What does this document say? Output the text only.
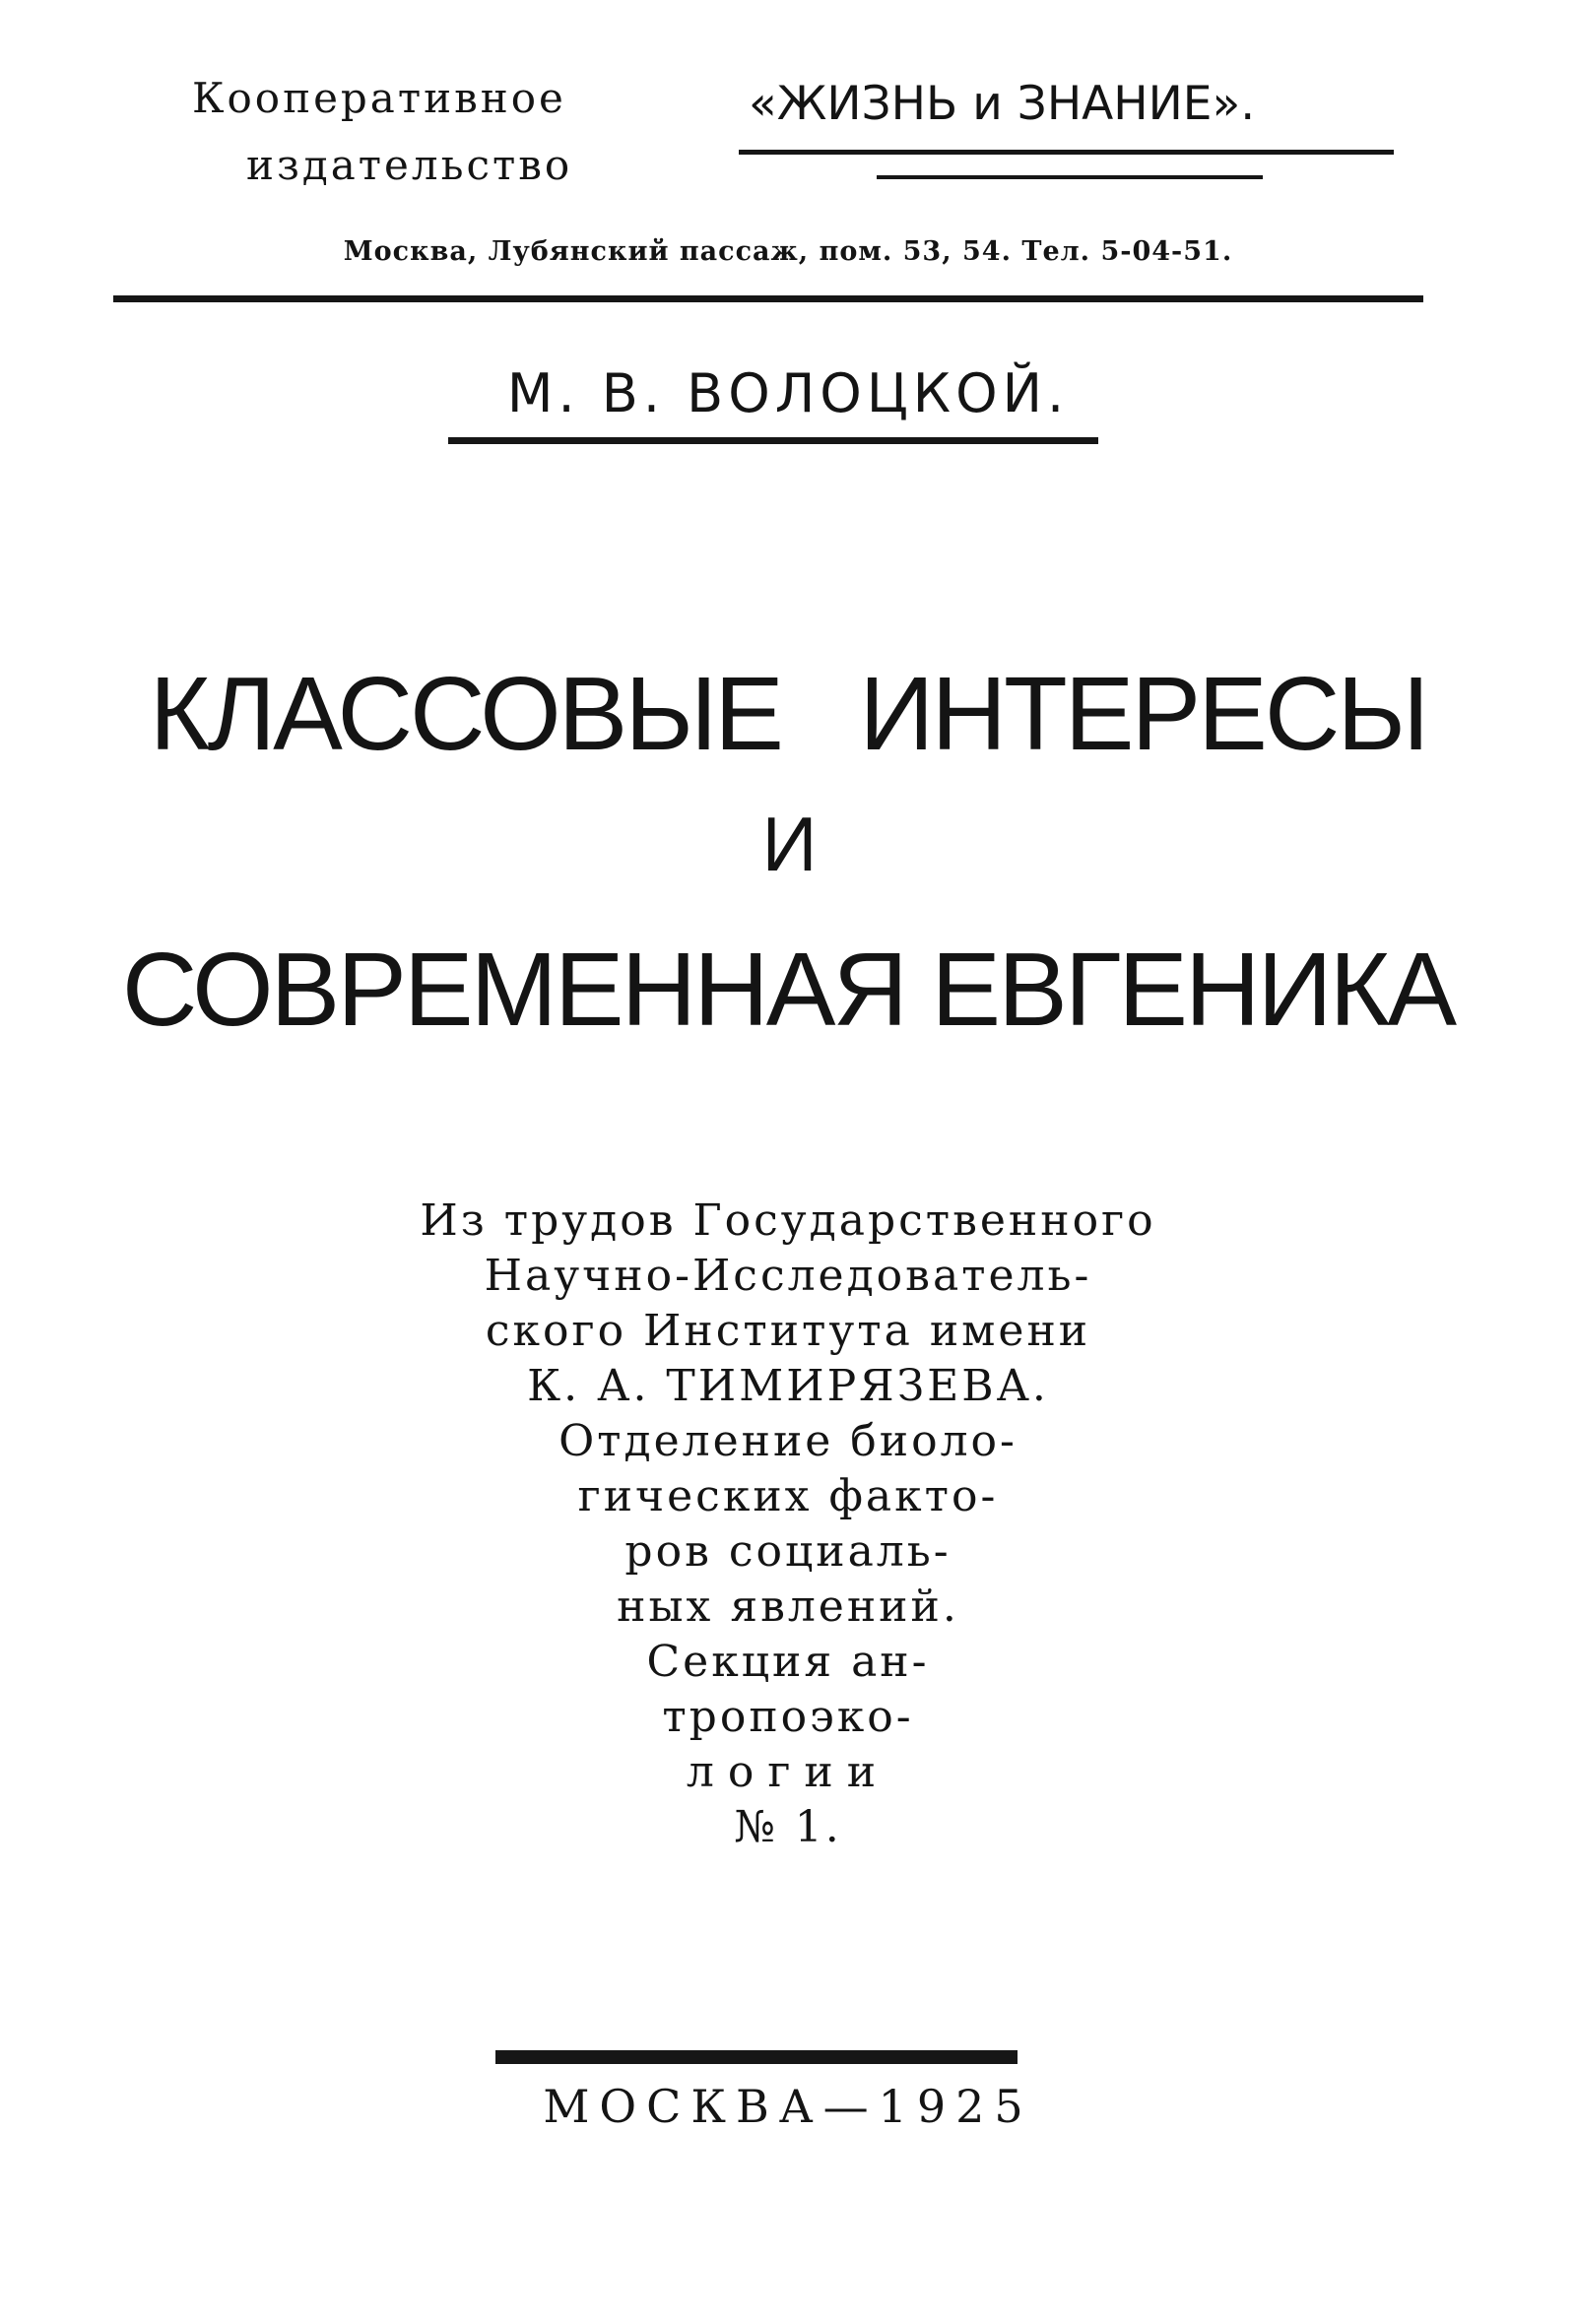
Кооперативное
издательство
«ЖИЗНЬ и ЗНАНИЕ».
Москва, Лубянский пассаж, пом. 53, 54. Тел. 5-04-51.
М. В. ВОЛОЦКОЙ.
КЛАССОВЫЕ   ИНТЕРЕСЫ
И
СОВРЕМЕННАЯ ЕВГЕНИКА
Из трудов Государственного
Научно-Исследователь-
ского Института имени
К. А. ТИМИРЯЗЕВА.
Отделение биоло-
гических факто-
ров социаль-
ных явлений.
Секция ан-
тропоэко-
логии
№ 1.
МОСКВА—1925
